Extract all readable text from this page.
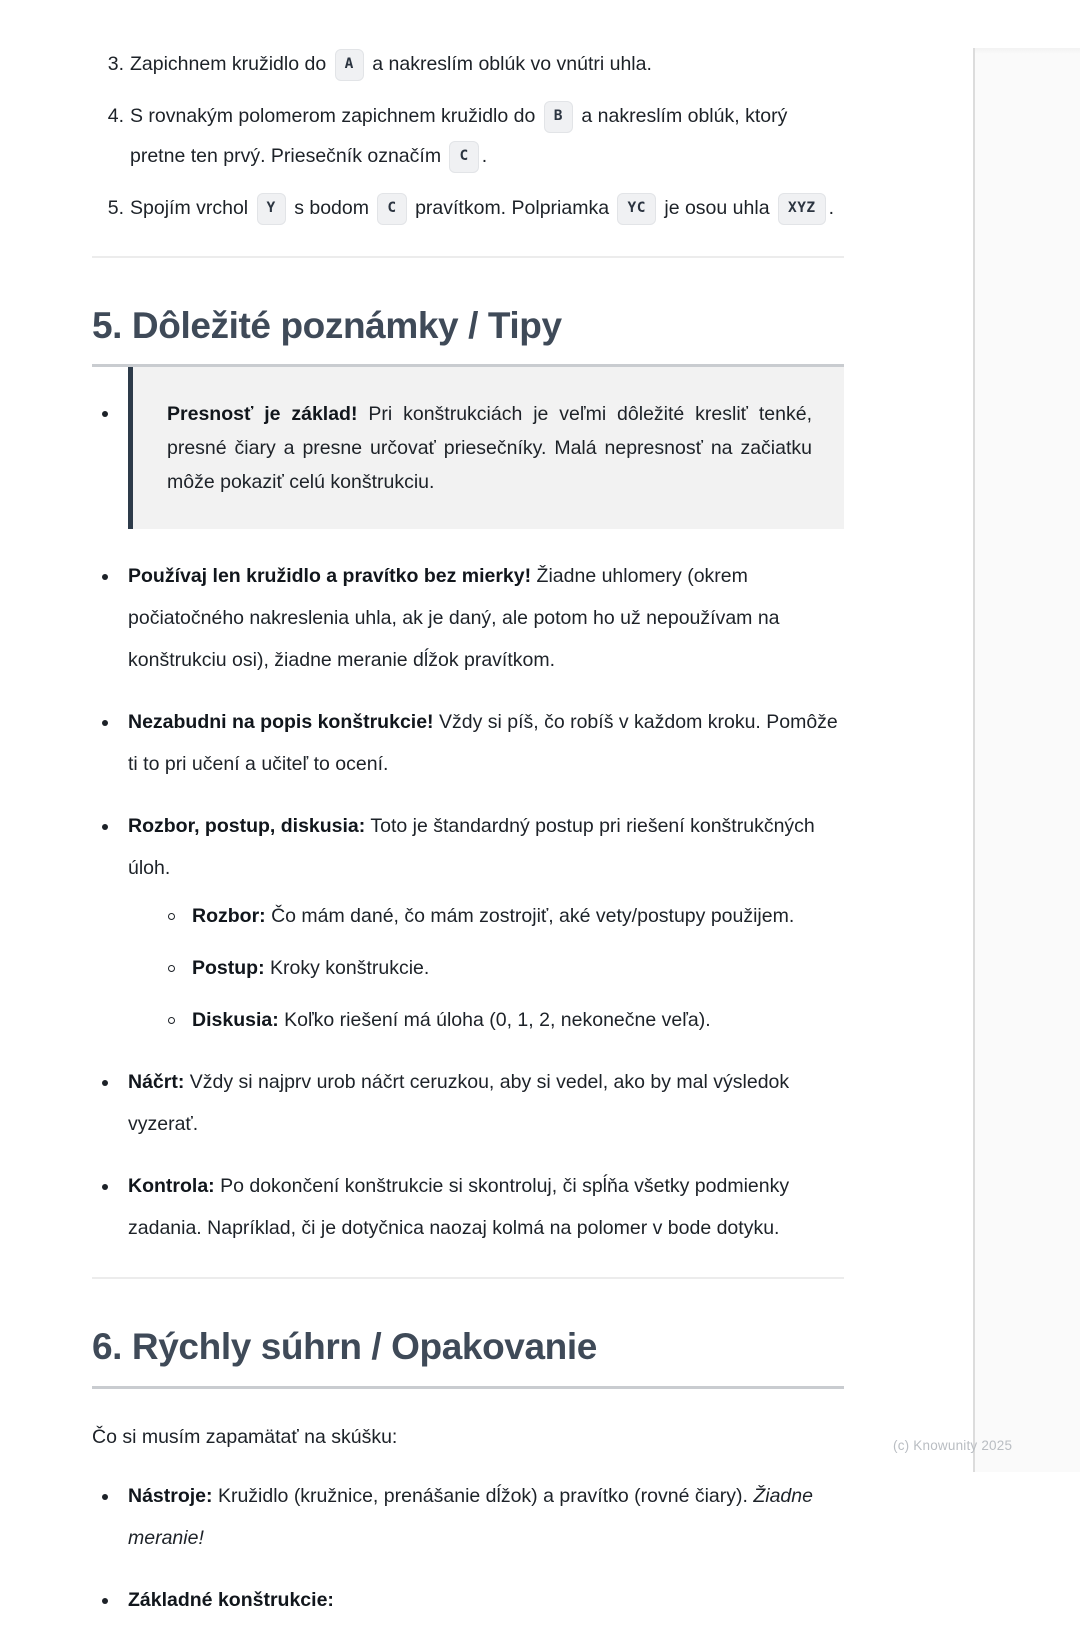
3. Zapichnem kružidlo do A a nakreslím oblúk vo vnútri uhla.
4. S rovnakým polomerom zapichnem kružidlo do B a nakreslím oblúk, ktorý pretne ten prvý. Priesečník označím C .
5. Spojím vrchol Y s bodom C pravítkom. Polpriamka YC je osou uhla XYZ .
5. Dôležité poznámky / Tipy
Presnosť je základ! Pri konštrukciách je veľmi dôležité kresliť tenké, presné čiary a presne určovať priesečníky. Malá nepresnosť na začiatku môže pokaziť celú konštrukciu.
Používaj len kružidlo a pravítko bez mierky! Žiadne uhlomery (okrem počiatočného nakreslenia uhla, ak je daný, ale potom ho už nepoužívam na konštrukciu osi), žiadne meranie dĺžok pravítkom.
Nezabudni na popis konštrukcie! Vždy si píš, čo robíš v každom kroku. Pomôže ti to pri učení a učiteľ to ocení.
Rozbor, postup, diskusia: Toto je štandardný postup pri riešení konštrukčných úloh.
Rozbor: Čo mám dané, čo mám zostrojiť, aké vety/postupy použijem.
Postup: Kroky konštrukcie.
Diskusia: Koľko riešení má úloha (0, 1, 2, nekonečne veľa).
Náčrt: Vždy si najprv urob náčrt ceruzkou, aby si vedel, ako by mal výsledok vyzerať.
Kontrola: Po dokončení konštrukcie si skontroluj, či spĺňa všetky podmienky zadania. Napríklad, či je dotyčnica naozaj kolmá na polomer v bode dotyku.
6. Rýchly súhrn / Opakovanie

Čo si musím zapamätať na skúšku:

Nástroje: Kružidlo (kružnice, prenášanie dĺžok) a pravítko (rovné čiary). Žiadne meranie!
Základné konštrukcie:
(c) Knowunity 2025
